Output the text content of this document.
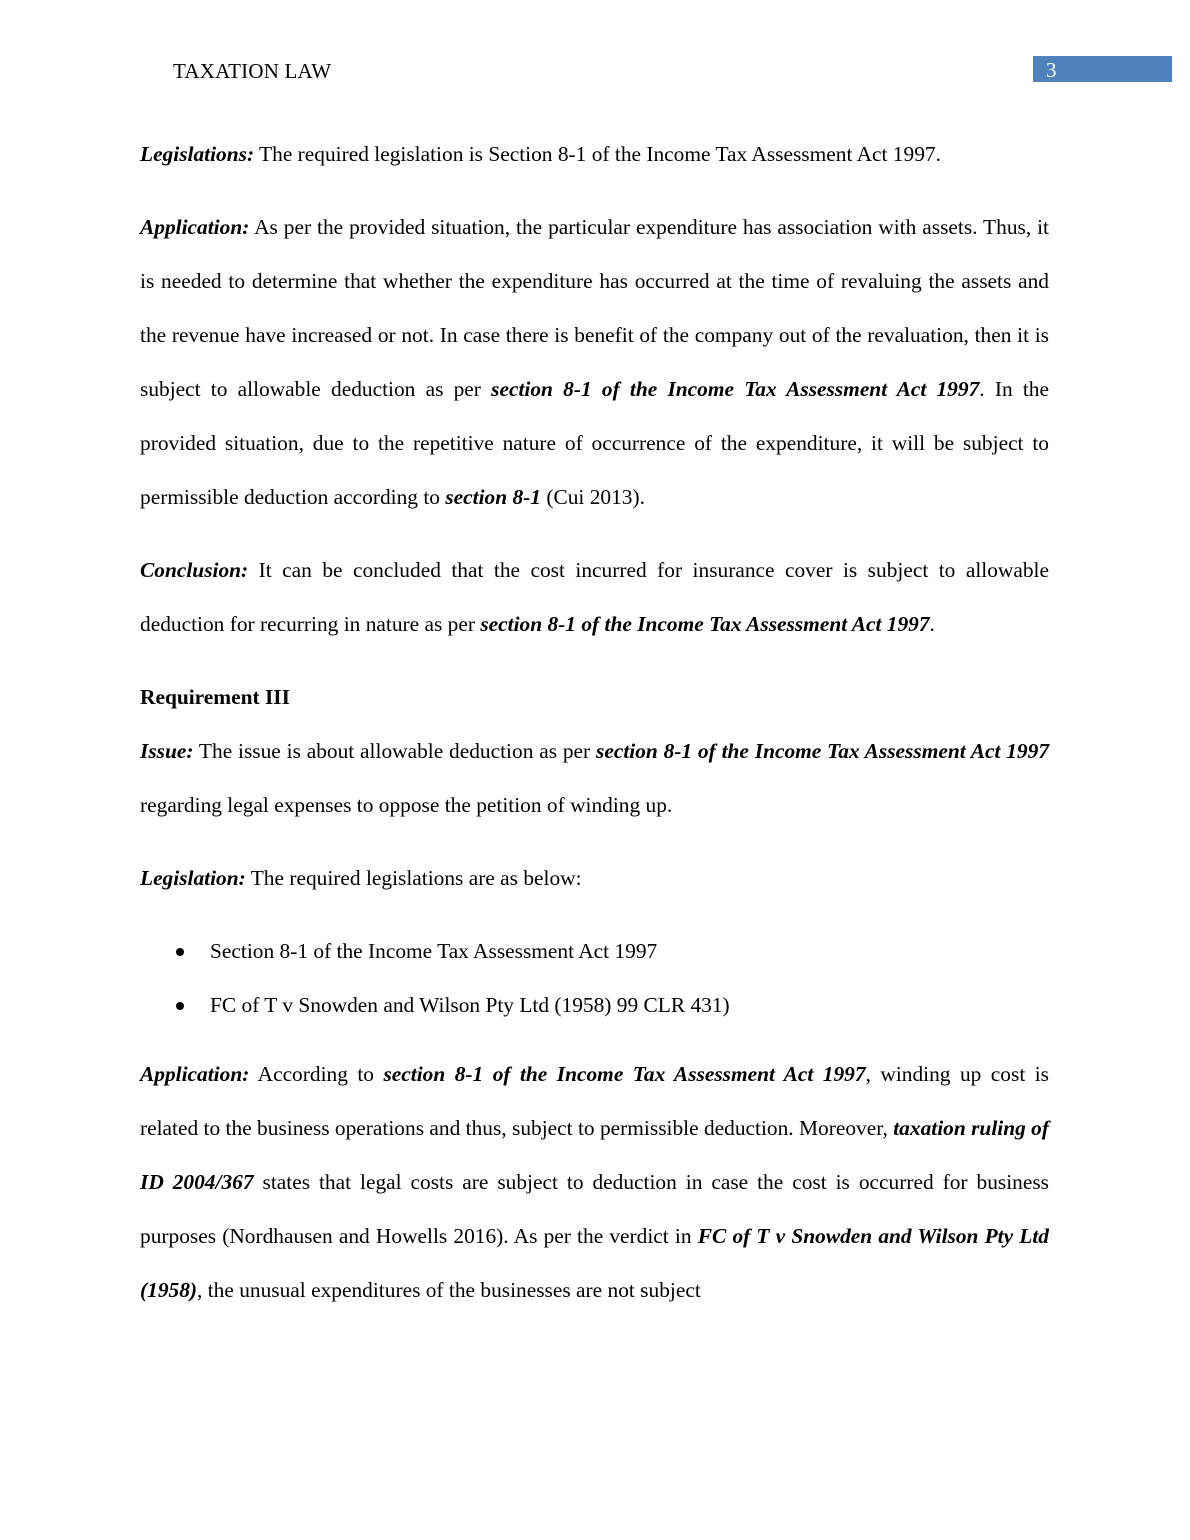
TAXATION LAW	3

Legislations: The required legislation is Section 8-1 of the Income Tax Assessment Act 1997.

Application: As per the provided situation, the particular expenditure has association with assets. Thus, it is needed to determine that whether the expenditure has occurred at the time of revaluing the assets and the revenue have increased or not. In case there is benefit of the company out of the revaluation, then it is subject to allowable deduction as per section 8-1 of the Income Tax Assessment Act 1997. In the provided situation, due to the repetitive nature of occurrence of the expenditure, it will be subject to permissible deduction according to section 8-1 (Cui 2013).

Conclusion: It can be concluded that the cost incurred for insurance cover is subject to allowable deduction for recurring in nature as per section 8-1 of the Income Tax Assessment Act 1997.

Requirement III

Issue: The issue is about allowable deduction as per section 8-1 of the Income Tax Assessment Act 1997 regarding legal expenses to oppose the petition of winding up.

Legislation: The required legislations are as below:

Section 8-1 of the Income Tax Assessment Act 1997
FC of T v Snowden and Wilson Pty Ltd (1958) 99 CLR 431)

Application: According to section 8-1 of the Income Tax Assessment Act 1997, winding up cost is related to the business operations and thus, subject to permissible deduction. Moreover, taxation ruling of ID 2004/367 states that legal costs are subject to deduction in case the cost is occurred for business purposes (Nordhausen and Howells 2016). As per the verdict in FC of T v Snowden and Wilson Pty Ltd (1958), the unusual expenditures of the businesses are not subject
